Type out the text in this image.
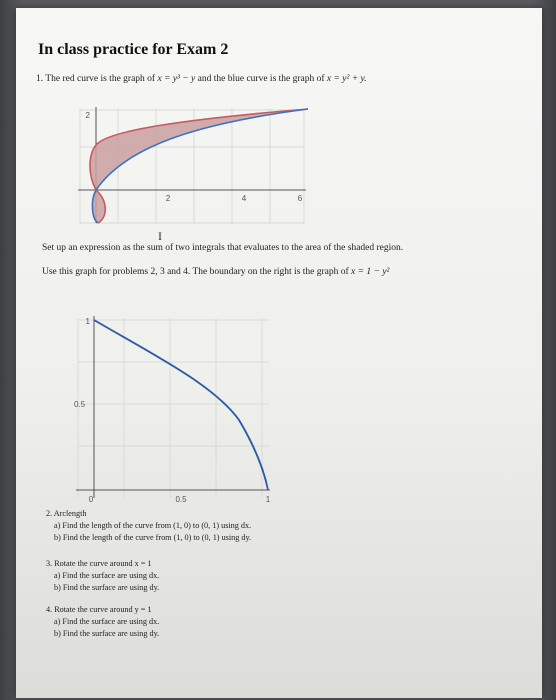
In class practice for Exam 2
1. The red curve is the graph of x = y³ − y and the blue curve is the graph of x = y² + y.
2	4	6
2
I
Set up an expression as the sum of two integrals that evaluates to the area of the shaded region.
Use this graph for problems 2, 3 and 4. The boundary on the right is the graph of x = 1 − y²
1
0.5
0	0.5	1
2. Arclength
a) Find the length of the curve from (1, 0) to (0, 1) using dx.
b) Find the length of the curve from (1, 0) to (0, 1) using dy.
3. Rotate the curve around x = 1
a) Find the surface are using dx.
b) Find the surface are using dy.
4. Rotate the curve around y = 1
a) Find the surface are using dx.
b) Find the surface are using dy.
